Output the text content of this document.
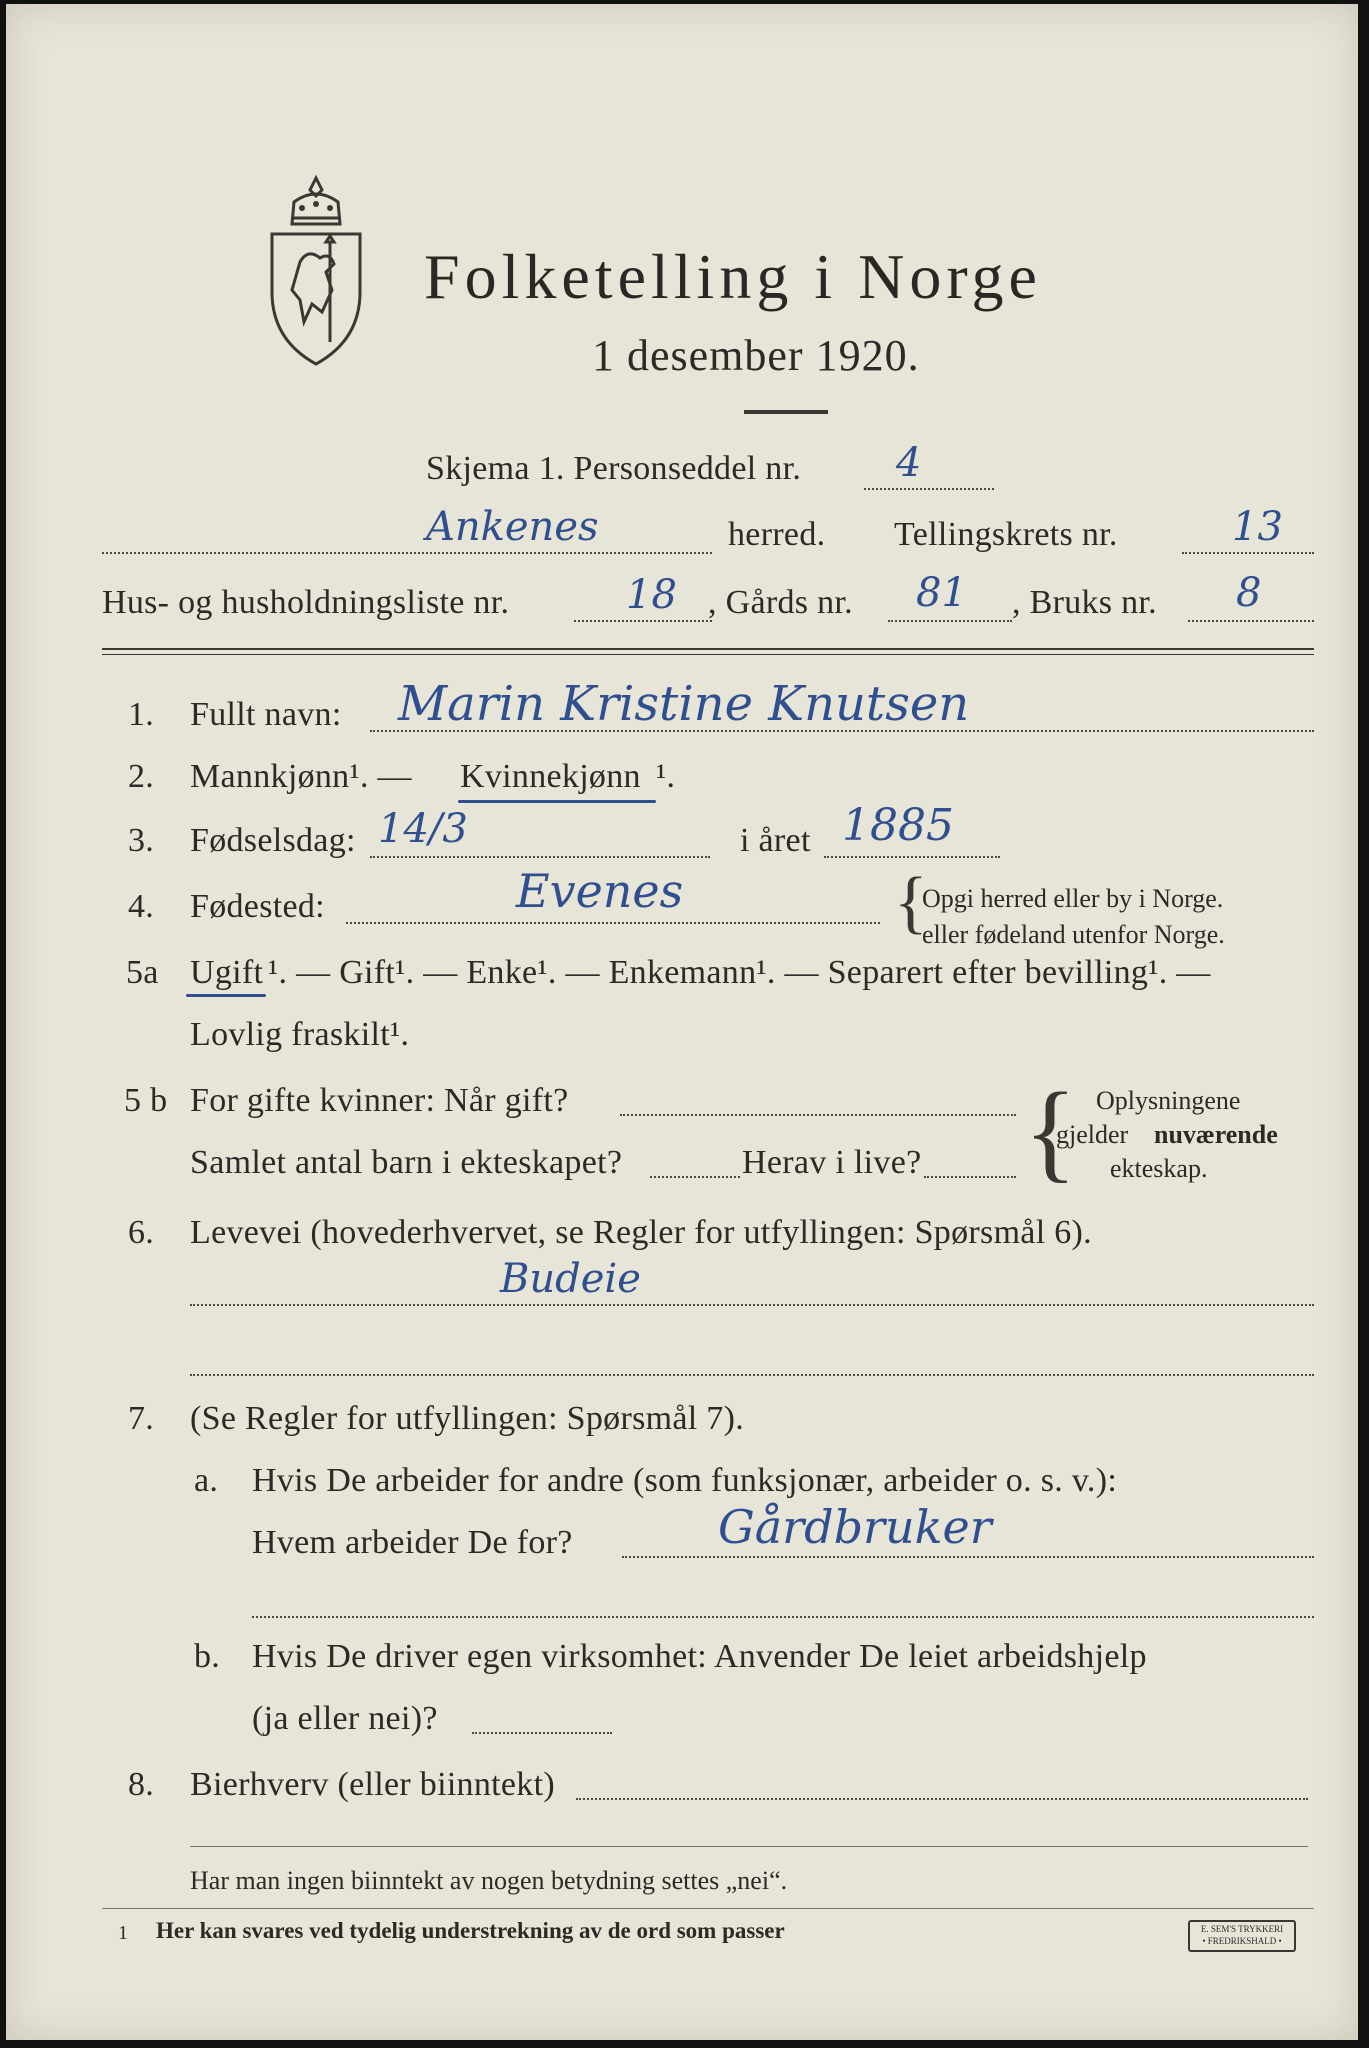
Folketelling i Norge
1 desember 1920.
Skjema 1. Personseddel nr. 4
Ankenes	herred. Tellingskrets nr.	13
Hus- og husholdningsliste nr.	18 , Gårds nr. 81 , Bruks nr. 8
1. Fullt navn: Marin Kristine Knutsen
2. Mannkjønn¹. — Kvinnekjønn ¹.
3. Fødselsdag: 14/3	i året 1885
4. Fødested:	Evenes	{
Opgi herred eller by i Norge.
eller fødeland utenfor Norge.
5a Ugift ¹. — Gift¹. — Enke¹. — Enkemann¹. — Separert efter bevilling¹. —
Lovlig fraskilt¹.
5 b For gifte kvinner: Når gift?
Samlet antal barn i ekteskapet?	Herav i live? { Oplysningene
gjelder nuværende
ekteskap.
6. Levevei (hovederhvervet, se Regler for utfyllingen: Spørsmål 6).
Budeie
7. (Se Regler for utfyllingen: Spørsmål 7).
a. Hvis De arbeider for andre (som funksjonær, arbeider o. s. v.):
Hvem arbeider De for?	Gårdbruker
b. Hvis De driver egen virksomhet: Anvender De leiet arbeidshjelp
(ja eller nei)?
8. Bierhverv (eller biinntekt)
Har man ingen biinntekt av nogen betydning settes „nei“.
1 Her kan svares ved tydelig understrekning av de ord som passer	E. SEM'S TRYKKERI
• FREDRIKSHALD •
